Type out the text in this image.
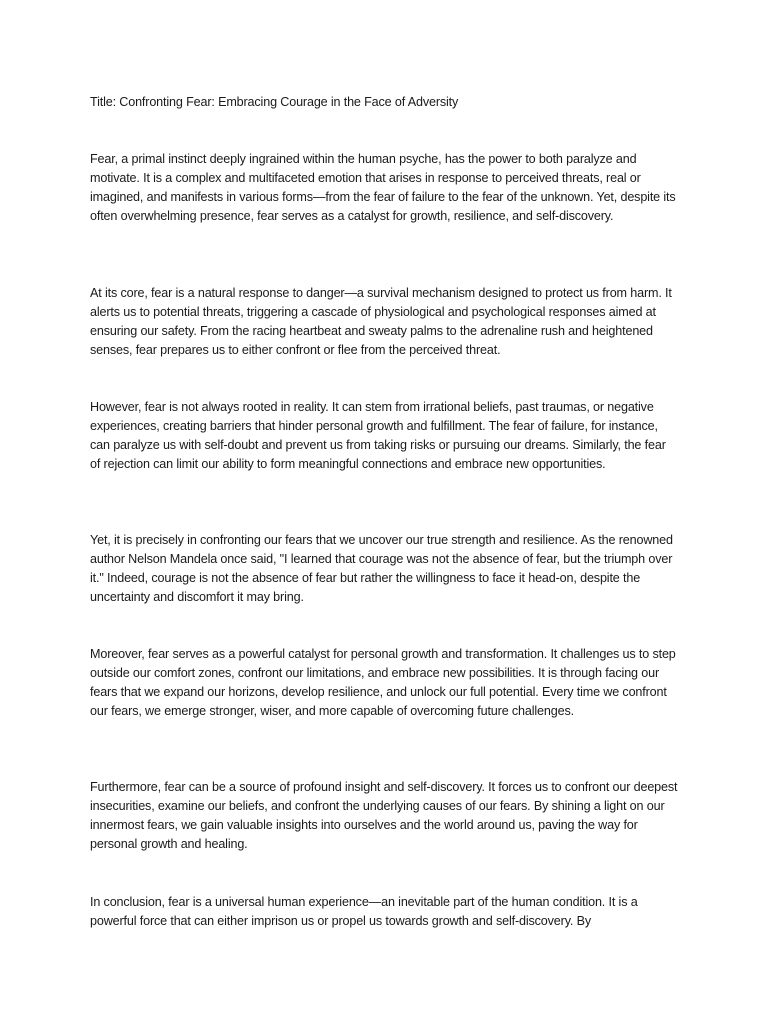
Title: Confronting Fear: Embracing Courage in the Face of Adversity

Fear, a primal instinct deeply ingrained within the human psyche, has the power to both paralyze and motivate. It is a complex and multifaceted emotion that arises in response to perceived threats, real or imagined, and manifests in various forms—from the fear of failure to the fear of the unknown. Yet, despite its often overwhelming presence, fear serves as a catalyst for growth, resilience, and self-discovery.

At its core, fear is a natural response to danger—a survival mechanism designed to protect us from harm. It alerts us to potential threats, triggering a cascade of physiological and psychological responses aimed at ensuring our safety. From the racing heartbeat and sweaty palms to the adrenaline rush and heightened senses, fear prepares us to either confront or flee from the perceived threat.

However, fear is not always rooted in reality. It can stem from irrational beliefs, past traumas, or negative experiences, creating barriers that hinder personal growth and fulfillment. The fear of failure, for instance, can paralyze us with self-doubt and prevent us from taking risks or pursuing our dreams. Similarly, the fear of rejection can limit our ability to form meaningful connections and embrace new opportunities.

Yet, it is precisely in confronting our fears that we uncover our true strength and resilience. As the renowned author Nelson Mandela once said, "I learned that courage was not the absence of fear, but the triumph over it." Indeed, courage is not the absence of fear but rather the willingness to face it head-on, despite the uncertainty and discomfort it may bring.

Moreover, fear serves as a powerful catalyst for personal growth and transformation. It challenges us to step outside our comfort zones, confront our limitations, and embrace new possibilities. It is through facing our fears that we expand our horizons, develop resilience, and unlock our full potential. Every time we confront our fears, we emerge stronger, wiser, and more capable of overcoming future challenges.

Furthermore, fear can be a source of profound insight and self-discovery. It forces us to confront our deepest insecurities, examine our beliefs, and confront the underlying causes of our fears. By shining a light on our innermost fears, we gain valuable insights into ourselves and the world around us, paving the way for personal growth and healing.

In conclusion, fear is a universal human experience—an inevitable part of the human condition. It is a powerful force that can either imprison us or propel us towards growth and self-discovery. By
